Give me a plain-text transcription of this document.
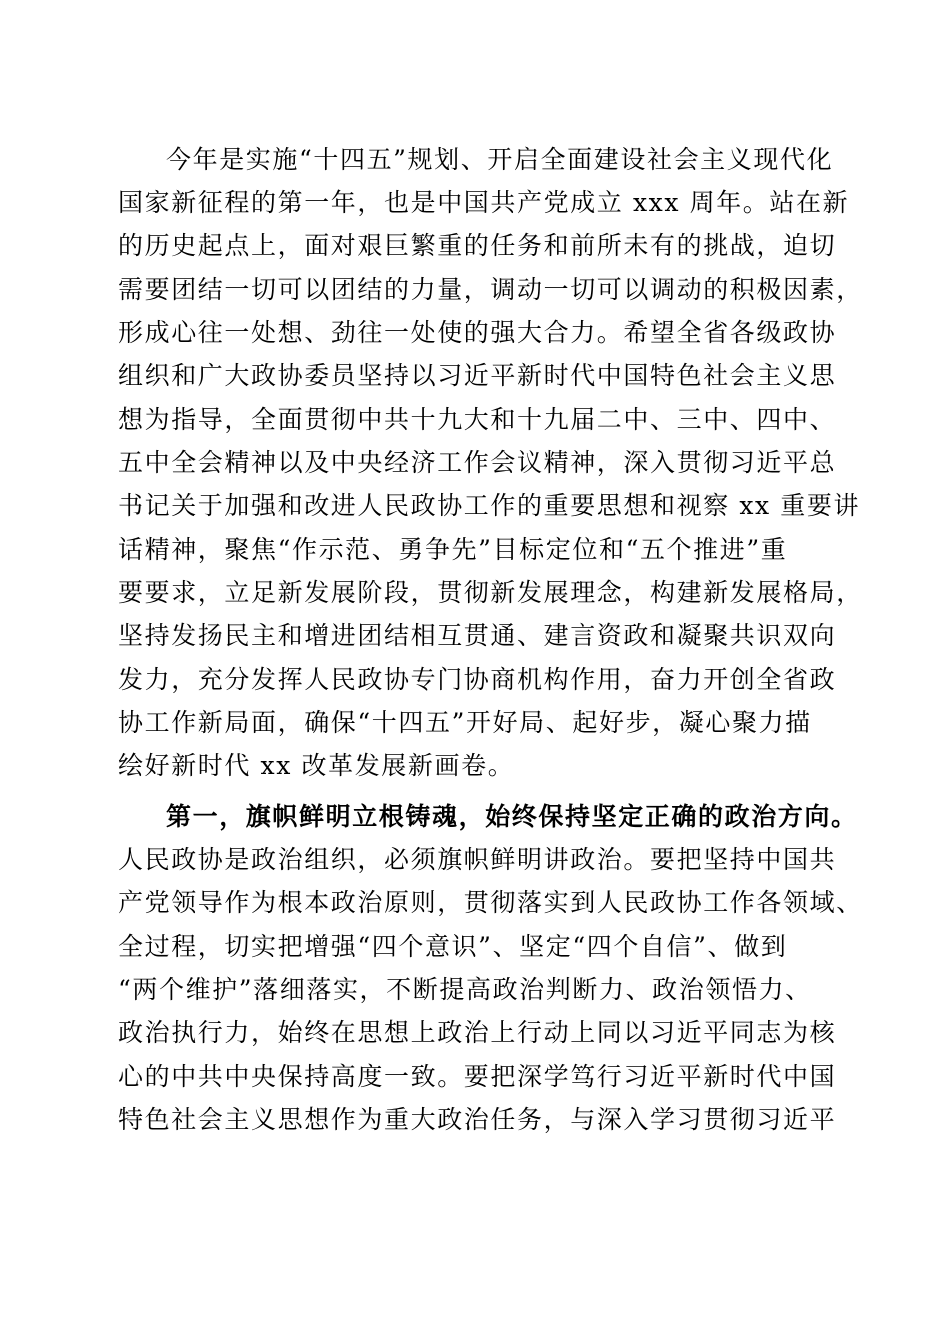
今年是实施“十四五”规划、开启全面建设社会主义现代化
国家新征程的第一年，也是中国共产党成立 xxx 周年。站在新
的历史起点上，面对艰巨繁重的任务和前所未有的挑战，迫切
需要团结一切可以团结的力量，调动一切可以调动的积极因素，
形成心往一处想、劲往一处使的强大合力。希望全省各级政协
组织和广大政协委员坚持以习近平新时代中国特色社会主义思
想为指导，全面贯彻中共十九大和十九届二中、三中、四中、
五中全会精神以及中央经济工作会议精神，深入贯彻习近平总
书记关于加强和改进人民政协工作的重要思想和视察 xx 重要讲
话精神，聚焦“作示范、勇争先”目标定位和“五个推进”重
要要求，立足新发展阶段，贯彻新发展理念，构建新发展格局，
坚持发扬民主和增进团结相互贯通、建言资政和凝聚共识双向
发力，充分发挥人民政协专门协商机构作用，奋力开创全省政
协工作新局面，确保“十四五”开好局、起好步，凝心聚力描
绘好新时代 xx 改革发展新画卷。
第一，旗帜鲜明立根铸魂，始终保持坚定正确的政治方向。
人民政协是政治组织，必须旗帜鲜明讲政治。要把坚持中国共
产党领导作为根本政治原则，贯彻落实到人民政协工作各领域、
全过程，切实把增强“四个意识”、坚定“四个自信”、做到
“两个维护”落细落实，不断提高政治判断力、政治领悟力、
政治执行力，始终在思想上政治上行动上同以习近平同志为核
心的中共中央保持高度一致。要把深学笃行习近平新时代中国
特色社会主义思想作为重大政治任务，与深入学习贯彻习近平
